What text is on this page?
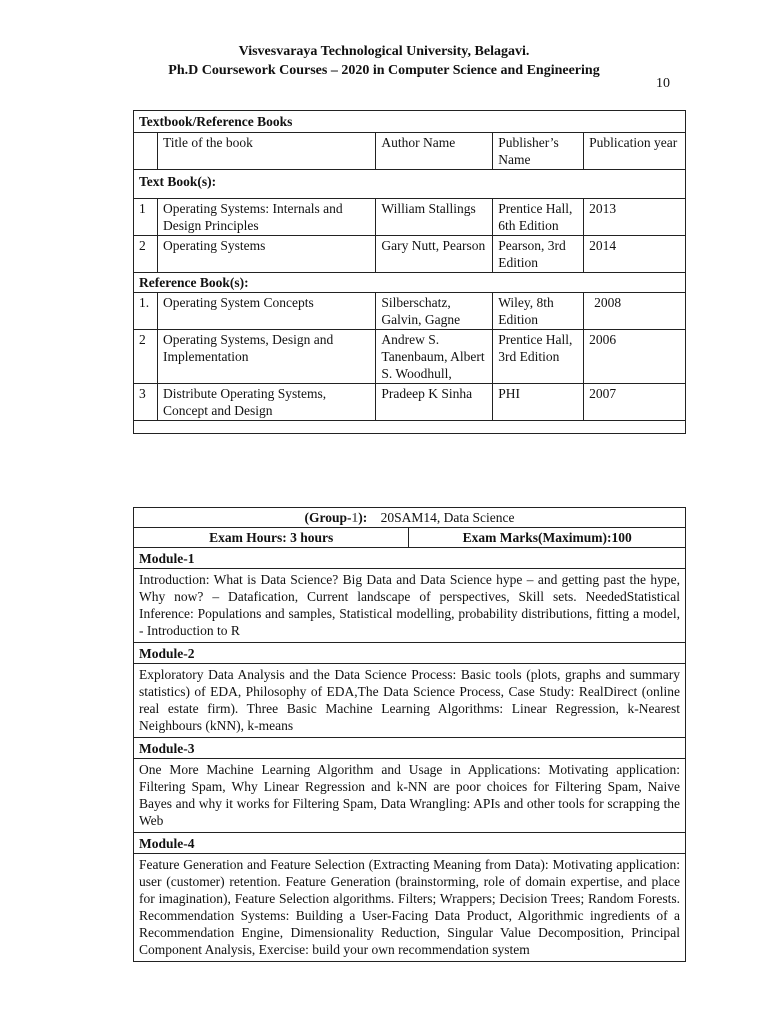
Visvesvaraya Technological University, Belagavi.
Ph.D Coursework Courses – 2020 in Computer Science and Engineering
10
Textbook/Reference Books				
	Title of the book	Author Name	Publisher’s Name	Publication year
Text Book(s):				
1	Operating Systems: Internals and Design Principles	William Stallings	Prentice Hall, 6th Edition	2013
2	Operating Systems	Gary Nutt, Pearson	Pearson, 3rd Edition	2014
Reference Book(s):				
1.	Operating System Concepts	Silberschatz, Galvin, Gagne	Wiley, 8th Edition	2008
2	Operating Systems, Design and Implementation	Andrew S. Tanenbaum, Albert S. Woodhull,	Prentice Hall, 3rd Edition	2006
3	Distribute Operating Systems, Concept and Design	Pradeep K Sinha	PHI	2007

(Group-1): 20SAM14, Data Science
Exam Hours: 3 hours	Exam Marks(Maximum):100
Module-1
Introduction: What is Data Science? Big Data and Data Science hype – and getting past the hype, Why now? – Datafication, Current landscape of perspectives, Skill sets. NeededStatistical Inference: Populations and samples, Statistical modelling, probability distributions, fitting a model, - Introduction to R
Module-2
Exploratory Data Analysis and the Data Science Process: Basic tools (plots, graphs and summary statistics) of EDA, Philosophy of EDA,The Data Science Process, Case Study: RealDirect (online real estate firm). Three Basic Machine Learning Algorithms: Linear Regression, k-Nearest Neighbours (kNN), k-means
Module-3
One More Machine Learning Algorithm and Usage in Applications: Motivating application: Filtering Spam, Why Linear Regression and k-NN are poor choices for Filtering Spam, Naive Bayes and why it works for Filtering Spam, Data Wrangling: APIs and other tools for scrapping the Web
Module-4
Feature Generation and Feature Selection (Extracting Meaning from Data): Motivating application: user (customer) retention. Feature Generation (brainstorming, role of domain expertise, and place for imagination), Feature Selection algorithms. Filters; Wrappers; Decision Trees; Random Forests. Recommendation Systems: Building a User-Facing Data Product, Algorithmic ingredients of a Recommendation Engine, Dimensionality Reduction, Singular Value Decomposition, Principal Component Analysis, Exercise: build your own recommendation system
